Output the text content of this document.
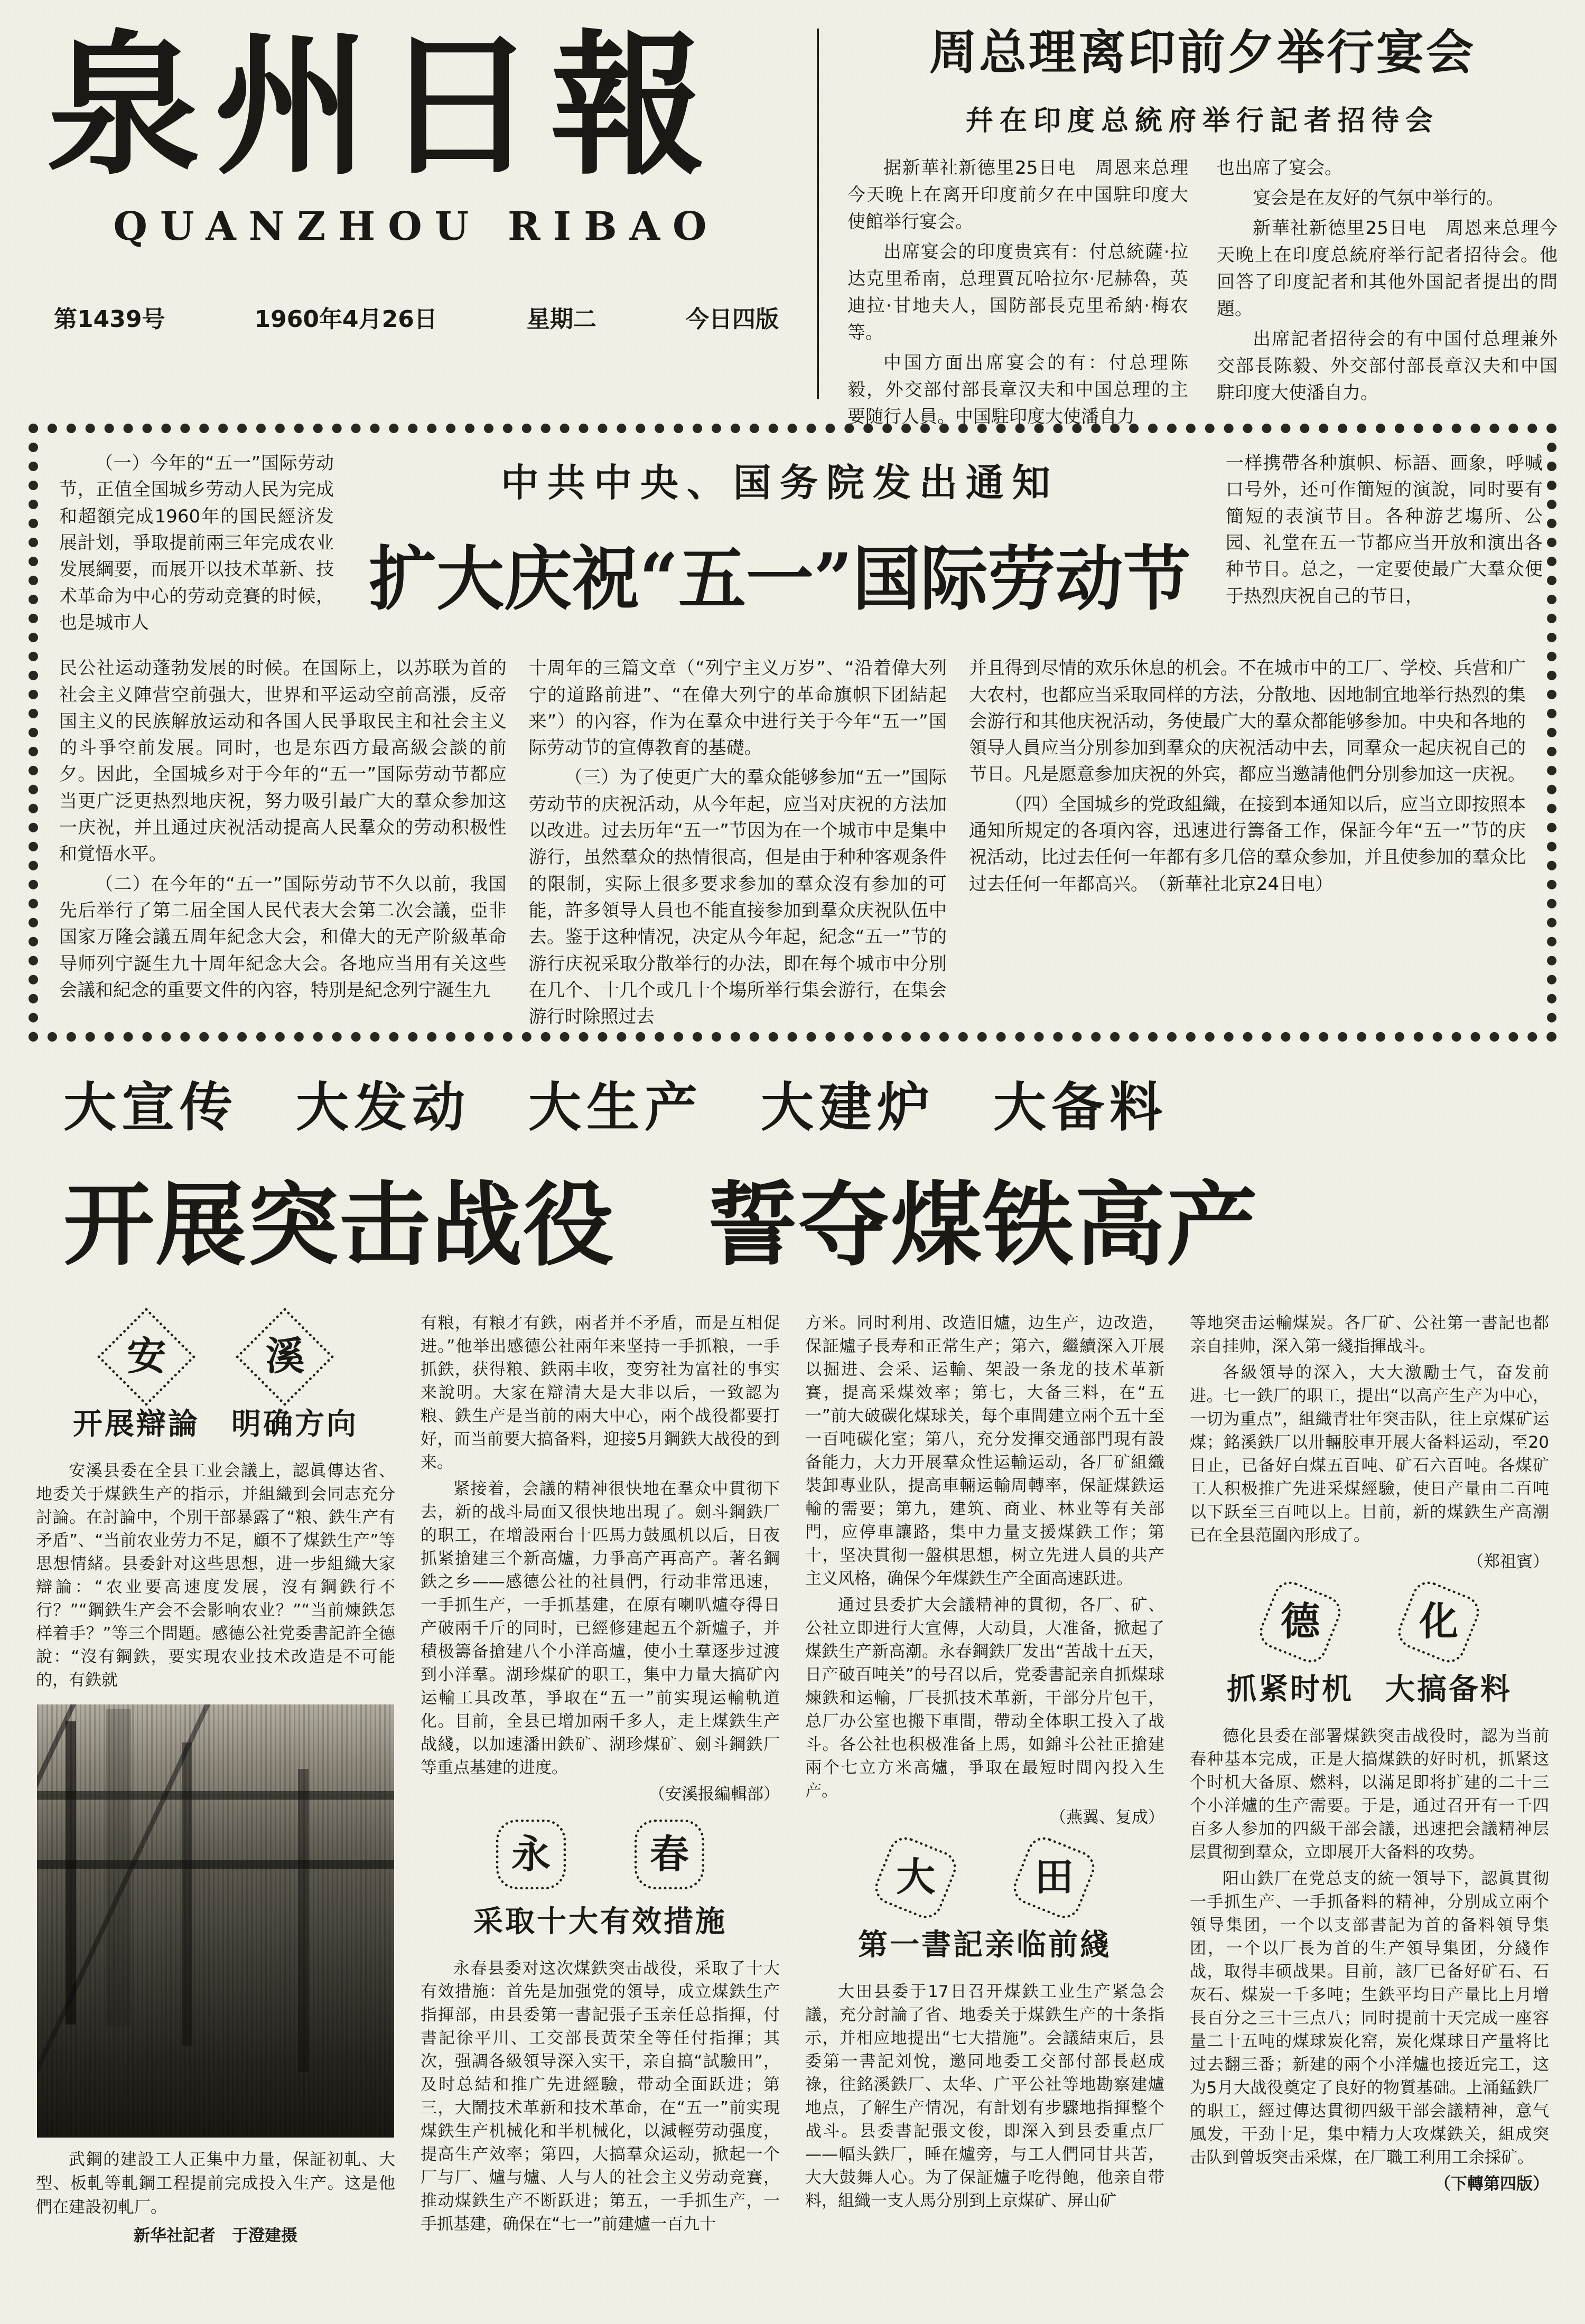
泉州日報
QUANZHOU RIBAO
第1439号	1960年4月26日	星期二	今日四版
周总理离印前夕举行宴会
幷在印度总統府举行記者招待会

据新華社新德里25日电　周恩来总理今天晚上在离开印度前夕在中国駐印度大使館举行宴会。

出席宴会的印度贵宾有：付总統薩·拉达克里希南，总理賈瓦哈拉尔·尼赫魯，英迪拉·甘地夫人，国防部長克里希納·梅农等。

中国方面出席宴会的有：付总理陈毅，外交部付部長章汉夫和中国总理的主要随行人員。中国駐印度大使潘自力

也出席了宴会。

宴会是在友好的气氛中举行的。

新華社新德里25日电　周恩来总理今天晚上在印度总統府举行記者招待会。他回答了印度記者和其他外国記者提出的問題。

出席記者招待会的有中国付总理兼外交部長陈毅、外交部付部長章汉夫和中国駐印度大使潘自力。

（一）今年的“五一”国际劳动节，正值全国城乡劳动人民为完成和超額完成1960年的国民經济发展計划，爭取提前兩三年完成农业发展綱要，而展开以技术革新、技术革命为中心的劳动竞賽的时候，也是城市人

中共中央、国务院发出通知
扩大庆祝“五一”国际劳动节

一样携帶各种旗帜、标語、画象，呼喊口号外，还可作簡短的演說，同时要有簡短的表演节目。各种游艺塲所、公园、礼堂在五一节都应当开放和演出各种节目。总之，一定要使最广大羣众便于热烈庆祝自己的节日，

民公社运动蓬勃发展的时候。在国际上，以苏联为首的社会主义陣营空前强大，世界和平运动空前高漲，反帝国主义的民族解放运动和各国人民爭取民主和社会主义的斗爭空前发展。同时，也是东西方最高級会談的前夕。因此，全国城乡对于今年的“五一”国际劳动节都应当更广泛更热烈地庆祝，努力吸引最广大的羣众参加这一庆祝，并且通过庆祝活动提高人民羣众的劳动积极性和覚悟水平。

（二）在今年的“五一”国际劳动节不久以前，我国先后举行了第二届全国人民代表大会第二次会議，亞非国家万隆会議五周年紀念大会，和偉大的无产阶級革命导师列宁誕生九十周年紀念大会。各地应当用有关这些会議和紀念的重要文件的內容，特別是紀念列宁誕生九

十周年的三篇文章（“列宁主义万岁”、“沿着偉大列宁的道路前进”、“在偉大列宁的革命旗帜下团結起来”）的內容，作为在羣众中进行关于今年“五一”国际劳动节的宣傳教育的基礎。

（三）为了使更广大的羣众能够参加“五一”国际劳动节的庆祝活动，从今年起，应当对庆祝的方法加以改进。过去历年“五一”节因为在一个城市中是集中游行，虽然羣众的热情很高，但是由于种种客观条件的限制，实际上很多要求参加的羣众沒有参加的可能，許多領导人員也不能直接参加到羣众庆祝队伍中去。鉴于这种情况，决定从今年起，紀念“五一”节的游行庆祝采取分散举行的办法，即在每个城市中分別在几个、十几个或几十个塲所举行集会游行，在集会游行时除照过去

并且得到尽情的欢乐休息的机会。不在城市中的工厂、学校、兵营和广大农村，也都应当采取同样的方法，分散地、因地制宜地举行热烈的集会游行和其他庆祝活动，务使最广大的羣众都能够参加。中央和各地的領导人員应当分別参加到羣众的庆祝活动中去，同羣众一起庆祝自己的节日。凡是愿意参加庆祝的外宾，都应当邀請他們分別参加这一庆祝。

（四）全国城乡的党政組織，在接到本通知以后，应当立即按照本通知所規定的各項內容，迅速进行籌备工作，保証今年“五一”节的庆祝活动，比过去任何一年都有多几倍的羣众参加，并且使参加的羣众比过去任何一年都高兴。　（新華社北京24日电）

大宣传　大发动　大生产　大建炉　大备料
开展突击战役　誓夺煤铁高产
安	溪
开展辯論　明确方向

安溪县委在全县工业会議上，認眞傳达省、地委关于煤鉄生产的指示，并組織到会同志充分討論。在討論中，个別干部暴露了“粮、鉄生产有矛盾”、“当前农业劳力不足，顧不了煤鉄生产”等思想情緒。县委針对这些思想，进一步組織大家辯論：“农业要高速度发展，沒有鋼鉄行不行？”“鋼鉄生产会不会影响农业？”“当前煉鉄怎样着手？”等三个問題。感德公社党委書記許全德說：“沒有鋼鉄，要实現农业技术改造是不可能的，有鉄就

武鋼的建設工人正集中力量，保証初軋、大型、板軋等軋鋼工程提前完成投入生产。这是他們在建設初軋厂。

新华社記者　于澄建摄

有粮，有粮才有鉄，兩者并不矛盾，而是互相促进。”他举出感德公社兩年来坚持一手抓粮，一手抓鉄，获得粮、鉄兩丰收，变穷社为富社的事实来說明。大家在辯清大是大非以后，一致認为粮、鉄生产是当前的兩大中心，兩个战役都要打好，而当前要大搞备料，迎接5月鋼鉄大战役的到来。

紧接着，会議的精神很快地在羣众中貫彻下去，新的战斗局面又很快地出現了。劍斗鋼鉄厂的职工，在增設兩台十匹馬力鼓風机以后，日夜抓紧搶建三个新高爐，力爭高产再高产。著名鋼鉄之乡——感德公社的社員們，行动非常迅速，一手抓生产，一手抓基建，在原有喇叭爐夺得日产破兩千斤的同时，已經修建起五个新爐子，并積极籌备搶建八个小洋高爐，使小土羣逐步过渡到小洋羣。湖珍煤矿的职工，集中力量大搞矿內运輸工具改革，爭取在“五一”前实現运輸軌道化。目前，全县已增加兩千多人，走上煤鉄生产战綫，以加速潘田鉄矿、湖珍煤矿、劍斗鋼鉄厂等重点基建的进度。

（安溪报編輯部）

永	春
采取十大有效措施

永春县委对这次煤鉄突击战役，采取了十大有效措施：首先是加强党的領导，成立煤鉄生产指揮部，由县委第一書記張子玉亲任总指揮，付書記徐平川、工交部長黃荣全等任付指揮；其次，强調各級領导深入实干，亲自搞“試驗田”，及时总結和推广先进經驗，带动全面跃进；第三，大鬧技术革新和技术革命，在“五一”前实現煤鉄生产机械化和半机械化，以減輕劳动强度，提高生产效率；第四，大搞羣众运动，掀起一个厂与厂、爐与爐、人与人的社会主义劳动竞賽，推动煤鉄生产不断跃进；第五，一手抓生产，一手抓基建，确保在“七一”前建爐一百九十

方米。同时利用、改造旧爐，边生产，边改造，保証爐子長寿和正常生产；第六，繼續深入开展以掘进、会采、运輸、架設一条龙的技术革新賽，提高采煤效率；第七，大备三料，在“五一”前大破碳化煤球关，每个車間建立兩个五十至一百吨碳化室；第八，充分发揮交通部門現有設备能力，大力开展羣众性运輸运动，各厂矿組織裝卸專业队，提高車輛运輸周轉率，保証煤鉄运輸的需要；第九，建筑、商业、林业等有关部門，应停車讓路，集中力量支援煤鉄工作；第十，坚决貫彻一盤棋思想，树立先进人員的共产主义风格，确保今年煤鉄生产全面高速跃进。

通过县委扩大会議精神的貫彻，各厂、矿、公社立即进行大宣傳，大动員，大准备，掀起了煤鉄生产新高潮。永春鋼鉄厂发出“苦战十五天，日产破百吨关”的号召以后，党委書記亲自抓煤球煉鉄和运輸，厂長抓技术革新，干部分片包干，总厂办公室也搬下車間，帶动全体职工投入了战斗。各公社也积极准备上馬，如錦斗公社正搶建兩个七立方米高爐，爭取在最短时間內投入生产。

（燕翼、复成）

大	田
第一書記亲临前綫

大田县委于17日召开煤鉄工业生产紧急会議，充分討論了省、地委关于煤鉄生产的十条指示，并相应地提出“七大措施”。会議結束后，县委第一書記刘悅，邀同地委工交部付部長赵成祿，往銘溪鉄厂、太华、广平公社等地勘察建爐地点，了解生产情况，有計划有步驟地指揮整个战斗。县委書記張文俊，即深入到县委重点厂——幅头鉄厂，睡在爐旁，与工人們同甘共苦，大大鼓舞人心。为了保証爐子吃得飽，他亲自带料，組織一支人馬分別到上京煤矿、屏山矿

等地突击运輸煤炭。各厂矿、公社第一書記也都亲自挂帅，深入第一綫指揮战斗。

各級領导的深入，大大激勵士气，奋发前进。七一鉄厂的职工，提出“以高产生产为中心，一切为重点”，組織青壮年突击队，往上京煤矿运煤；銘溪鉄厂以卅輛胶車开展大备料运动，至20日止，已备好白煤五百吨、矿石六百吨。各煤矿工人积极推广先进采煤經驗，使日产量由二百吨以下跃至三百吨以上。目前，新的煤鉄生产高潮已在全县范圍內形成了。

（郑祖賓）

德	化
抓紧时机　大搞备料

德化县委在部署煤鉄突击战役时，認为当前春种基本完成，正是大搞煤鉄的好时机，抓紧这个时机大备原、燃料，以滿足即将扩建的二十三个小洋爐的生产需要。于是，通过召开有一千四百多人参加的四級干部会議，迅速把会議精神层层貫彻到羣众，立即展开大备料的攻势。

阳山鉄厂在党总支的統一領导下，認眞貫彻一手抓生产、一手抓备料的精神，分別成立兩个領导集团，一个以支部書記为首的备料領导集团，一个以厂長为首的生产領导集团，分綫作战，取得丰硕战果。目前，該厂已备好矿石、石灰石、煤炭一千多吨；生鉄平均日产量比上月增長百分之三十三点八；同时提前十天完成一座容量二十五吨的煤球炭化窑，炭化煤球日产量将比过去翻三番；新建的兩个小洋爐也接近完工，这为5月大战役奠定了良好的物質基础。上涌錳鉄厂的职工，經过傳达貫彻四級干部会議精神，意气風发，干劲十足，集中精力大攻煤鉄关，組成突击队到曾坂突击采煤，在厂職工利用工余採矿。

（下轉第四版）
